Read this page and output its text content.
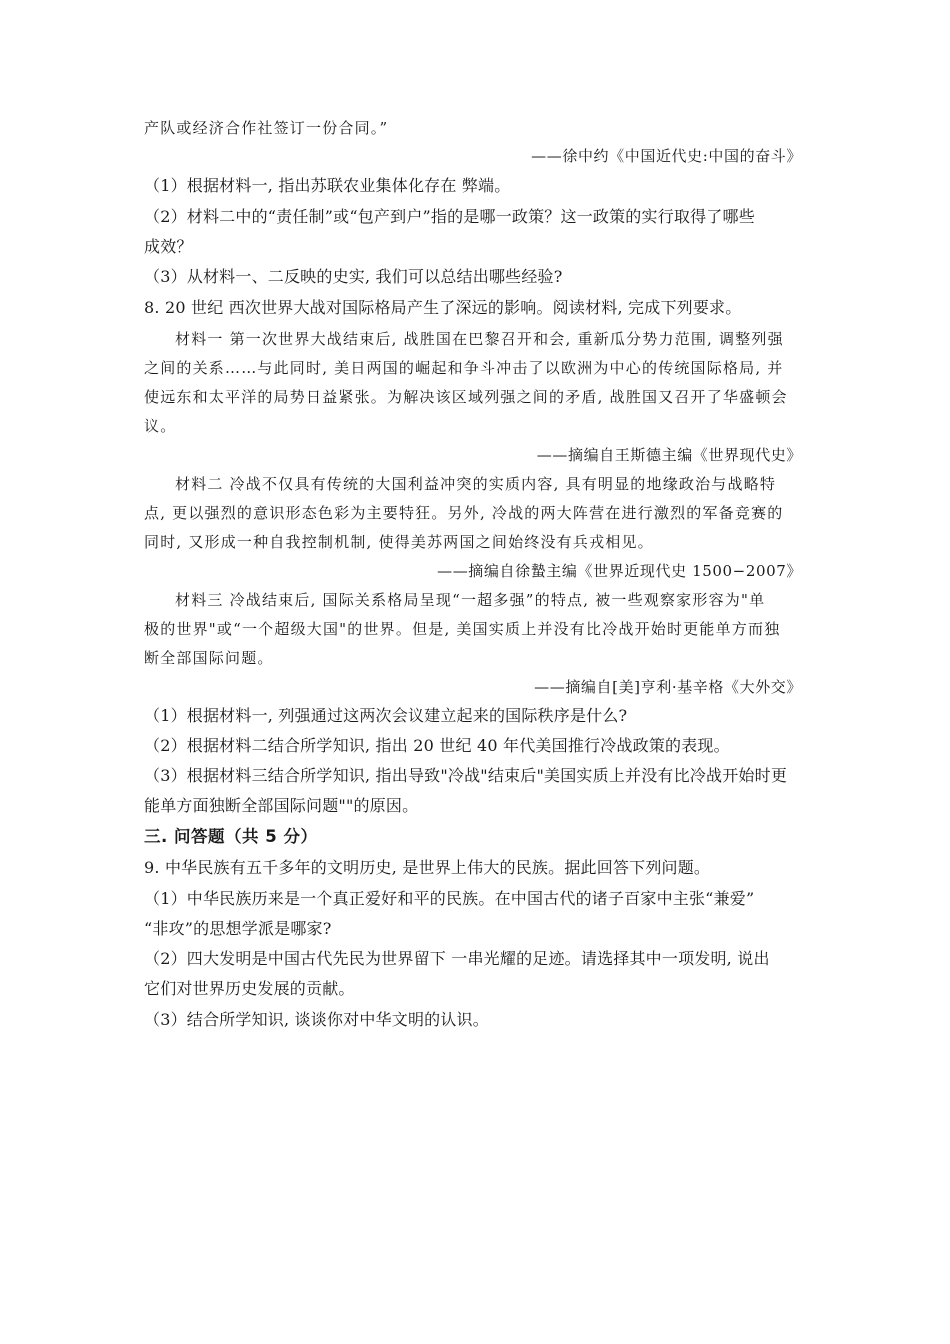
产队或经济合作社签订一份合同。”
——徐中约《中国近代史:中国的奋斗》
（1）根据材料一, 指出苏联农业集体化存在 弊端。
（2）材料二中的“责任制”或“包产到户”指的是哪一政策？这一政策的实行取得了哪些
成效？
（3）从材料一、二反映的史实, 我们可以总结出哪些经验?
8. 20 世纪 西次世界大战对国际格局产生了深远的影响。阅读材料, 完成下列要求。
材料一 第一次世界大战结束后, 战胜国在巴黎召开和会, 重新瓜分势力范围, 调整列强
之间的关系……与此同时, 美日两国的崛起和争斗冲击了以欧洲为中心的传统国际格局, 并
使远东和太平洋的局势日益紧张。为解决该区域列强之间的矛盾, 战胜国又召开了华盛顿会
议。
——摘编自王斯德主编《世界现代史》
材料二 冷战不仅具有传统的大国利益冲突的实质内容, 具有明显的地缘政治与战略特
点, 更以强烈的意识形态色彩为主要特狂。另外, 冷战的两大阵营在进行激烈的军备竞赛的
同时, 又形成一种自我控制机制, 使得美苏两国之间始终没有兵戎相见。
——摘编自徐蟄主编《世界近现代史 1500−2007》
材料三 冷战结束后, 国际关系格局呈现“一超多强”的特点, 被一些观察家形容为"单
极的世界"或“一个超级大国"的世界。但是, 美国实质上并没有比冷战开始时更能单方而独
断全部国际问题。
——摘编自[美]亨利·基辛格《大外交》
（1）根据材料一, 列强通过这两次会议建立起来的国际秩序是什么?
（2）根据材料二结合所学知识, 指出 20 世纪 40 年代美国推行冷战政策的表现。
（3）根据材料三结合所学知识, 指出导致"冷战"结束后"美国实质上并没有比冷战开始时更
能单方面独断全部国际问题""的原因。
三. 问答题（共 5 分）
9. 中华民族有五千多年的文明历史, 是世界上伟大的民族。据此回答下列问题。
（1）中华民族历来是一个真正爱好和平的民族。在中国古代的诸子百家中主张“兼爱”
“非攻”的思想学派是哪家?
（2）四大发明是中国古代先民为世界留下 一串光耀的足迹。请选择其中一项发明, 说出
它们对世界历史发展的贡献。
（3）结合所学知识, 谈谈你对中华文明的认识。
